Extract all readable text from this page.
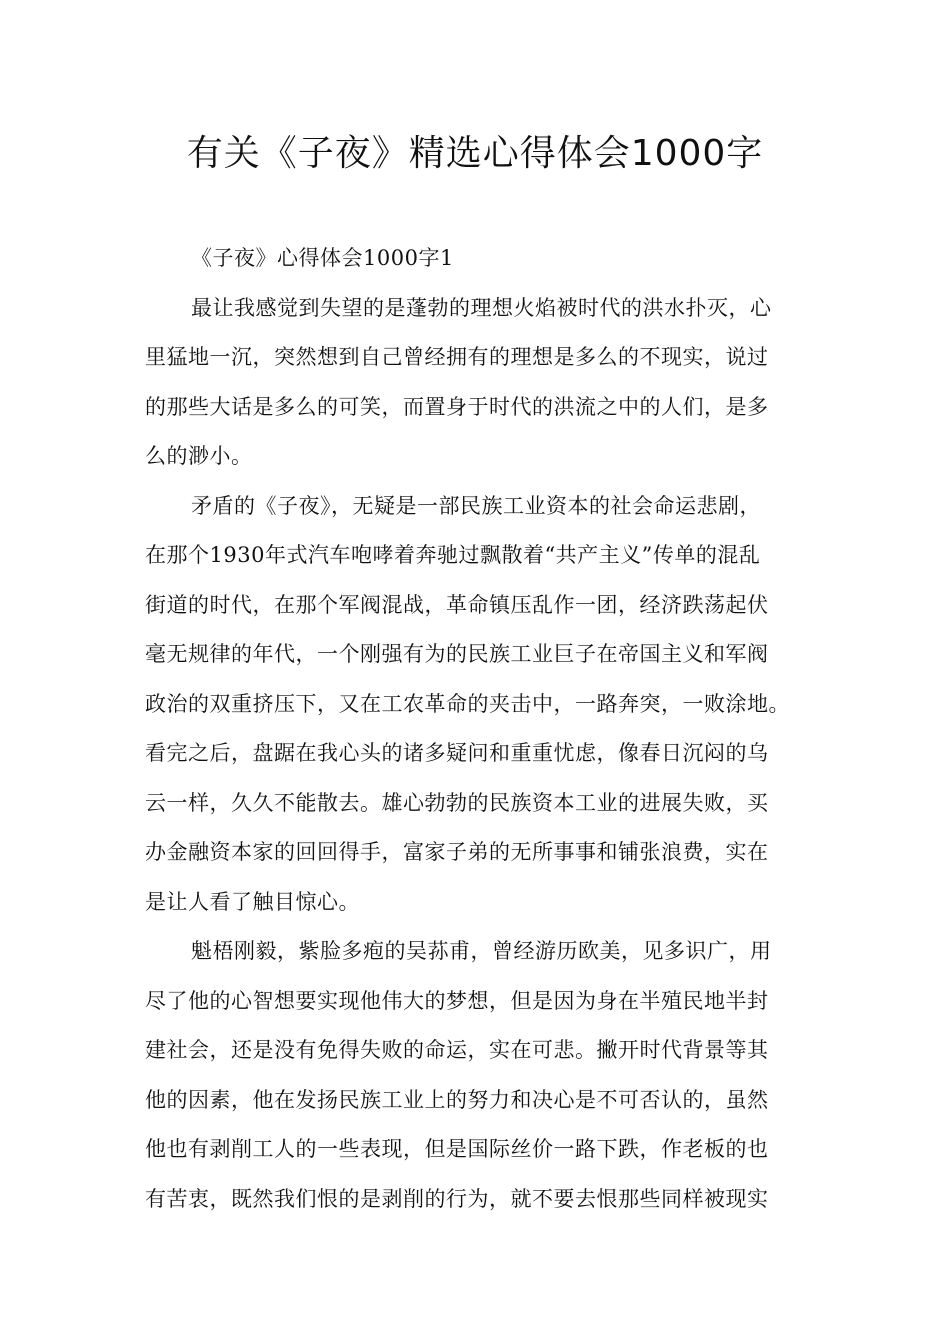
有关《子夜》精选心得体会1000字
《子夜》心得体会1000字1
最让我感觉到失望的是蓬勃的理想火焰被时代的洪水扑灭，心
里猛地一沉，突然想到自己曾经拥有的理想是多么的不现实，说过
的那些大话是多么的可笑，而置身于时代的洪流之中的人们，是多
么的渺小。
矛盾的《子夜》，无疑是一部民族工业资本的社会命运悲剧，
在那个1930年式汽车咆哮着奔驰过飘散着“共产主义”传单的混乱
街道的时代，在那个军阀混战，革命镇压乱作一团，经济跌荡起伏
毫无规律的年代，一个刚强有为的民族工业巨子在帝国主义和军阀
政治的双重挤压下，又在工农革命的夹击中，一路奔突，一败涂地。
看完之后，盘踞在我心头的诸多疑问和重重忧虑，像春日沉闷的乌
云一样，久久不能散去。雄心勃勃的民族资本工业的进展失败，买
办金融资本家的回回得手，富家子弟的无所事事和铺张浪费，实在
是让人看了触目惊心。
魁梧刚毅，紫脸多疱的吴荪甫，曾经游历欧美，见多识广，用
尽了他的心智想要实现他伟大的梦想，但是因为身在半殖民地半封
建社会，还是没有免得失败的命运，实在可悲。撇开时代背景等其
他的因素，他在发扬民族工业上的努力和决心是不可否认的，虽然
他也有剥削工人的一些表现，但是国际丝价一路下跌，作老板的也
有苦衷，既然我们恨的是剥削的行为，就不要去恨那些同样被现实
